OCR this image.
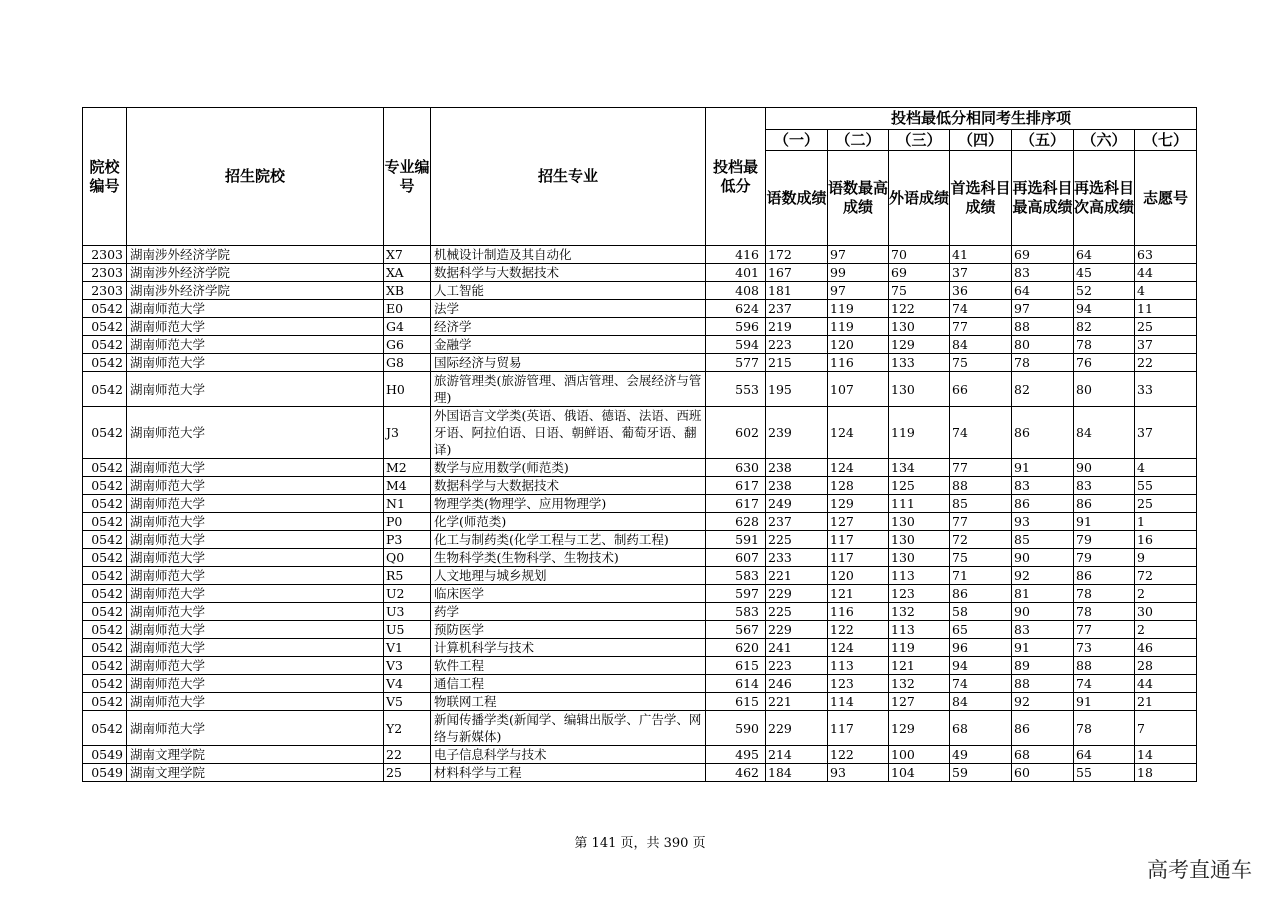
院校编号	招生院校	专业编号	招生专业	投档最低分	投档最低分相同考生排序项						
					（一）	（二）	（三）	（四）	（五）	（六）	（七）
					语数成绩	语数最高成绩	外语成绩	首选科目成绩	再选科目最高成绩	再选科目次高成绩	志愿号
2303	湖南涉外经济学院	X7	机械设计制造及其自动化	416	172	97	70	41	69	64	63
2303	湖南涉外经济学院	XA	数据科学与大数据技术	401	167	99	69	37	83	45	44
2303	湖南涉外经济学院	XB	人工智能	408	181	97	75	36	64	52	4
0542	湖南师范大学	E0	法学	624	237	119	122	74	97	94	11
0542	湖南师范大学	G4	经济学	596	219	119	130	77	88	82	25
0542	湖南师范大学	G6	金融学	594	223	120	129	84	80	78	37
0542	湖南师范大学	G8	国际经济与贸易	577	215	116	133	75	78	76	22
0542	湖南师范大学	H0	旅游管理类(旅游管理、酒店管理、会展经济与管理)	553	195	107	130	66	82	80	33
0542	湖南师范大学	J3	外国语言文学类(英语、俄语、德语、法语、西班牙语、阿拉伯语、日语、朝鲜语、葡萄牙语、翻译)	602	239	124	119	74	86	84	37
0542	湖南师范大学	M2	数学与应用数学(师范类)	630	238	124	134	77	91	90	4
0542	湖南师范大学	M4	数据科学与大数据技术	617	238	128	125	88	83	83	55
0542	湖南师范大学	N1	物理学类(物理学、应用物理学)	617	249	129	111	85	86	86	25
0542	湖南师范大学	P0	化学(师范类)	628	237	127	130	77	93	91	1
0542	湖南师范大学	P3	化工与制药类(化学工程与工艺、制药工程)	591	225	117	130	72	85	79	16
0542	湖南师范大学	Q0	生物科学类(生物科学、生物技术)	607	233	117	130	75	90	79	9
0542	湖南师范大学	R5	人文地理与城乡规划	583	221	120	113	71	92	86	72
0542	湖南师范大学	U2	临床医学	597	229	121	123	86	81	78	2
0542	湖南师范大学	U3	药学	583	225	116	132	58	90	78	30
0542	湖南师范大学	U5	预防医学	567	229	122	113	65	83	77	2
0542	湖南师范大学	V1	计算机科学与技术	620	241	124	119	96	91	73	46
0542	湖南师范大学	V3	软件工程	615	223	113	121	94	89	88	28
0542	湖南师范大学	V4	通信工程	614	246	123	132	74	88	74	44
0542	湖南师范大学	V5	物联网工程	615	221	114	127	84	92	91	21
0542	湖南师范大学	Y2	新闻传播学类(新闻学、编辑出版学、广告学、网络与新媒体)	590	229	117	129	68	86	78	7
0549	湖南文理学院	22	电子信息科学与技术	495	214	122	100	49	68	64	14
0549	湖南文理学院	25	材料科学与工程	462	184	93	104	59	60	55	18
第 141 页，共 390 页
高考直通车
